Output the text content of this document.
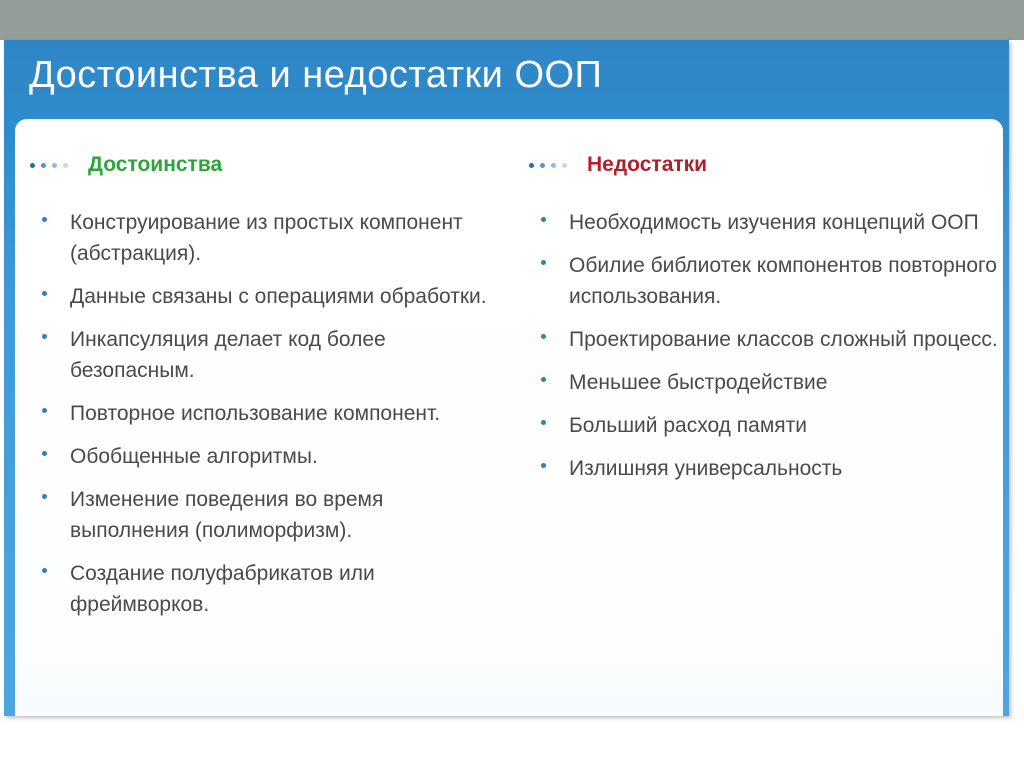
Достоинства и недостатки ООП
Достоинства
Конструирование из простых компонент (абстракция).
Данные связаны с операциями обработки.
Инкапсуляция делает код более безопасным.
Повторное использование компонент.
Обобщенные алгоритмы.
Изменение поведения во время выполнения (полиморфизм).
Создание полуфабрикатов или фреймворков.
Недостатки
Необходимость изучения концепций ООП
Обилие библиотек компонентов повторного использования.
Проектирование классов сложный процесс.
Меньшее быстродействие
Больший расход памяти
Излишняя универсальность
